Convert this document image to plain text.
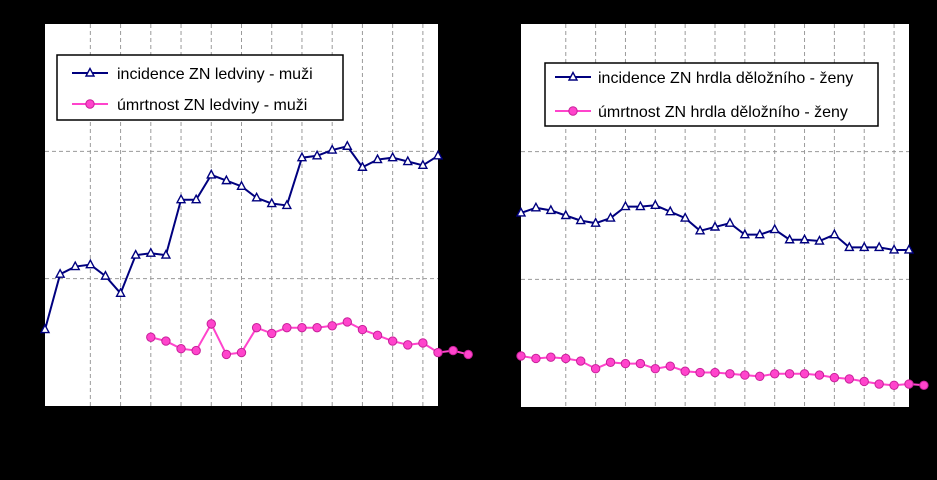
incidence ZN ledviny - muži
úmrtnost ZN ledviny - muži
incidence ZN hrdla děložního - ženy
úmrtnost ZN hrdla děložního - ženy
